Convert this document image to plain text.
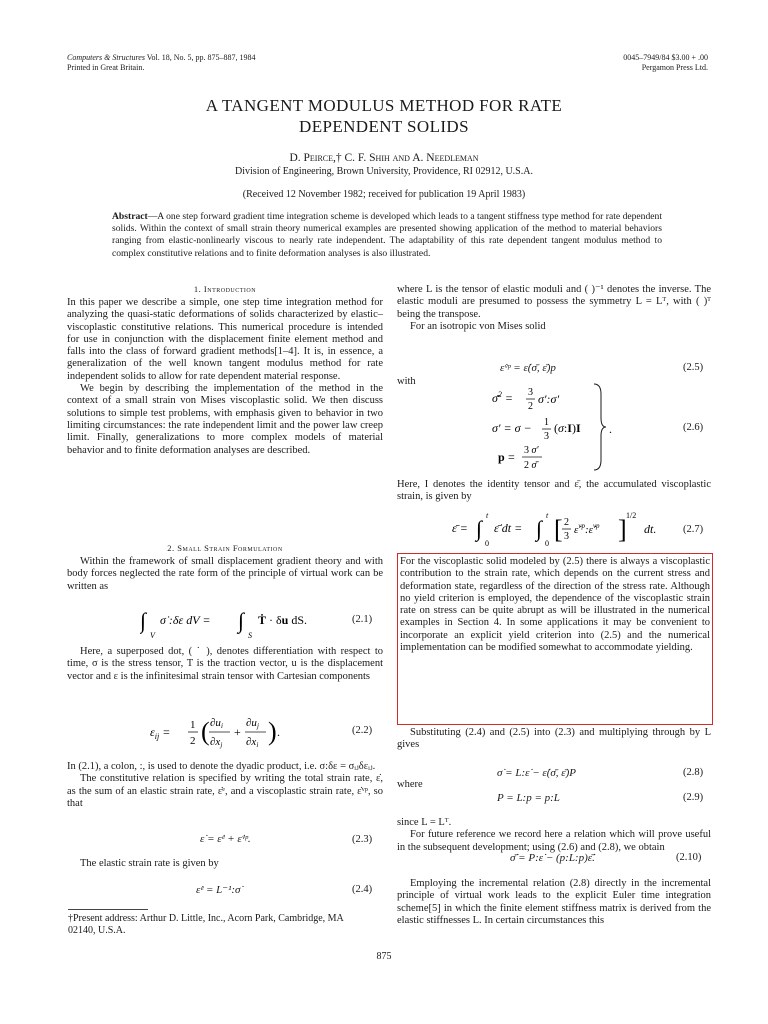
Computers & Structures Vol. 18, No. 5, pp. 875–887, 1984
Printed in Great Britain.
0045–7949/84 $3.00 + .00
Pergamon Press Ltd.
A TANGENT MODULUS METHOD FOR RATE
DEPENDENT SOLIDS
D. Peirce,† C. F. Shih and A. Needleman
Division of Engineering, Brown University, Providence, RI 02912, U.S.A.
(Received 12 November 1982; received for publication 19 April 1983)
Abstract—A one step forward gradient time integration scheme is developed which leads to a tangent stiffness type method for rate dependent solids. Within the context of small strain theory numerical examples are presented showing application of the method to material behaviors ranging from elastic-nonlinearly viscous to nearly rate independent. The adaptability of this rate dependent tangent modulus method to complex constitutive relations and to finite deformation analyses is also illustrated.
1. Introduction

In this paper we describe a simple, one step time integration method for analyzing the quasi-static deformations of solids characterized by elastic–viscoplastic constitutive relations. This numerical procedure is intended for use in conjunction with the displacement finite element method and falls into the class of forward gradient methods[1–4]. It is, in essence, a generalization of the well known tangent modulus method for rate independent solids to allow for rate dependent material response.

We begin by describing the implementation of the method in the context of a small strain von Mises viscoplastic solid. We then discuss solutions to simple test problems, with emphasis given to behavior in two limiting circumstances: the rate independent limit and the power law creep limit. Finally, generalizations to more complex models of material behavior and to finite deformation analyses are described.

2. Small Strain Formulation

Within the framework of small displacement gradient theory and with body forces neglected the rate form of the principle of virtual work can be written as

∫
V
σ̇ :δε dV = ∫
S
Ṫ · δu dS.	(2.1)

Here, a superposed dot, ( ˙ ), denotes differentiation with respect to time, σ is the stress tensor, T is the traction vector, u is the displacement vector and ε is the infinitesimal strain tensor with Cartesian components

$\varepsilon_{ij} = 1$
2 ( ∂ui
∂xj
+
∂uj
∂xi ) .	(2.2)

In (2.1), a colon, :, is used to denote the dyadic product, i.e. σ:δε = σᵢⱼδεᵢⱼ.

The constitutive relation is specified by writing the total strain rate, ε̇, as the sum of an elastic strain rate, ε̇ᵉ, and a viscoplastic strain rate, ε̇ᵛᵖ, so that

ε̇ = ε̇ᵉ + ε̇ᵛᵖ.	(2.3)

The elastic strain rate is given by

ε̇ᵉ = L⁻¹:σ̇	(2.4)
†Present address: Arthur D. Little, Inc., Acorn Park, Cambridge, MA 02140, U.S.A.

where L is the tensor of elastic moduli and ( )⁻¹ denotes the inverse. The elastic moduli are presumed to possess the symmetry L = Lᵀ, with ( )ᵀ being the transpose.

For an isotropic von Mises solid

ε̇ᵛᵖ = ε̇(σ̄, ε̄)p	(2.5)
with
σ̄$^2$ = 3
2
σ′:σ′
σ′ = σ − 1
3
(σ:I)I
p = 3 σ′
2 σ̄
.	(2.6)

Here, I denotes the identity tensor and ε̄, the accumulated viscoplastic strain, is given by

ε̄ = ∫
t
0
ε̄̇ dt = ∫
t
0 [ 2
3
ε̇$^{vp}$:ε̇$^{vp}$ ] 1/2
dt.	(2.7)

For the viscoplastic solid modeled by (2.5) there is always a viscoplastic contribution to the strain rate, which depends on the current stress and deformation state, regardless of the direction of the stress rate. Although no yield criterion is employed, the dependence of the viscoplastic strain rate on stress can be quite abrupt as will be illustrated in the numerical examples in Section 4. In some applications it may be convenient to incorporate an explicit yield criterion into (2.5) and the numerical implementation can be modified somewhat to accommodate yielding.

Substituting (2.4) and (2.5) into (2.3) and multiplying through by L gives

σ̇ = L:ε̇ − ε̇(σ̄, ε̄)P	(2.8)
where
P = L:p = p:L	(2.9)

since L = Lᵀ.

For future reference we record here a relation which will prove useful in the subsequent development; using (2.6) and (2.8), we obtain

σ̄̇ = P:ε̇ − (p:L:p)ε̄̇.	(2.10)

Employing the incremental relation (2.8) directly in the incremental principle of virtual work leads to the explicit Euler time integration scheme[5] in which the finite element stiffness matrix is derived from the elastic stiffnesses L. In certain circumstances this

875
